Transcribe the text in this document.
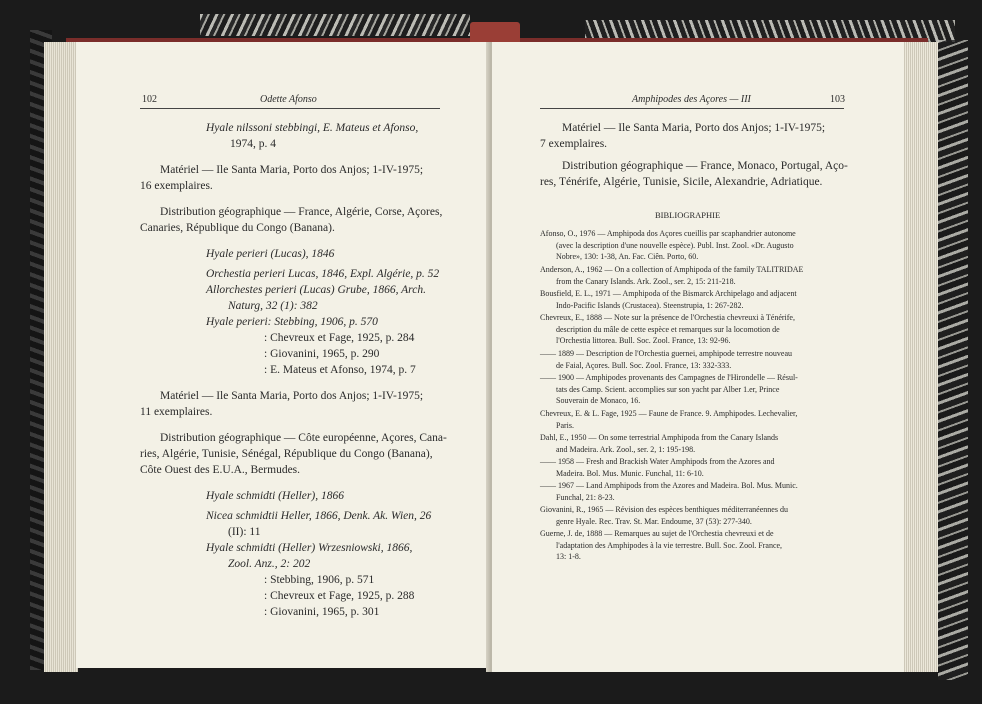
102	Odette Afonso
Hyale nilssoni stebbingi, E. Mateus et Afonso,
1974, p. 4
Matériel — Ile Santa Maria, Porto dos Anjos; 1-IV-1975;
16 exemplaires.
Distribution géographique — France, Algérie, Corse, Açores,
Canaries, République du Congo (Banana).
Hyale perieri (Lucas), 1846
Orchestia perieri Lucas, 1846, Expl. Algérie, p. 52
Allorchestes perieri (Lucas) Grube, 1866, Arch.
Naturg, 32 (1): 382
Hyale perieri: Stebbing, 1906, p. 570
: Chevreux et Fage, 1925, p. 284
: Giovanini, 1965, p. 290
: E. Mateus et Afonso, 1974, p. 7
Matériel — Ile Santa Maria, Porto dos Anjos; 1-IV-1975;
11 exemplaires.
Distribution géographique — Côte européenne, Açores, Cana-
ries, Algérie, Tunisie, Sénégal, République du Congo (Banana),
Côte Ouest des E.U.A., Bermudes.
Hyale schmidti (Heller), 1866
Nicea schmidtii Heller, 1866, Denk. Ak. Wien, 26
(II): 11
Hyale schmidti (Heller) Wrzesniowski, 1866,
Zool. Anz., 2: 202
: Stebbing, 1906, p. 571
: Chevreux et Fage, 1925, p. 288
: Giovanini, 1965, p. 301
Amphipodes des Açores — III	103
Matériel — Ile Santa Maria, Porto dos Anjos; 1-IV-1975;
7 exemplaires.
Distribution géographique — France, Monaco, Portugal, Aço-
res, Ténérife, Algérie, Tunisie, Sicile, Alexandrie, Adriatique.
BIBLIOGRAPHIE
Afonso, O., 1976 — Amphipoda dos Açores cueillis par scaphandrier autonome
(avec la description d'une nouvelle espèce). Publ. Inst. Zool. «Dr. Augusto
Nobre», 130: 1-38, An. Fac. Ciên. Porto, 60.
Anderson, A., 1962 — On a collection of Amphipoda of the family TALITRIDAE
from the Canary Islands. Ark. Zool., ser. 2, 15: 211-218.
Bousfield, E. L., 1971 — Amphipoda of the Bismarck Archipelago and adjacent
Indo-Pacific Islands (Crustacea). Steenstrupia, 1: 267-282.
Chevreux, E., 1888 — Note sur la présence de l'Orchestia chevreuxi à Ténérife,
description du mâle de cette espèce et remarques sur la locomotion de
l'Orchestia littorea. Bull. Soc. Zool. France, 13: 92-96.
—— 1889 — Description de l'Orchestia guernei, amphipode terrestre nouveau
de Faial, Açores. Bull. Soc. Zool. France, 13: 332-333.
—— 1900 — Amphipodes provenants des Campagnes de l'Hirondelle — Résul-
tats des Camp. Scient. accomplies sur son yacht par Alber 1.er, Prince
Souverain de Monaco, 16.
Chevreux, E. & L. Fage, 1925 — Faune de France. 9. Amphipodes. Lechevalier,
Paris.
Dahl, E., 1950 — On some terrestrial Amphipoda from the Canary Islands
and Madeira. Ark. Zool., ser. 2, 1: 195-198.
—— 1958 — Fresh and Brackish Water Amphipods from the Azores and
Madeira. Bol. Mus. Munic. Funchal, 11: 6-10.
—— 1967 — Land Amphipods from the Azores and Madeira. Bol. Mus. Munic.
Funchal, 21: 8-23.
Giovanini, R., 1965 — Révision des espèces benthiques méditerranéennes du
genre Hyale. Rec. Trav. St. Mar. Endoume, 37 (53): 277-340.
Guerne, J. de, 1888 — Remarques au sujet de l'Orchestia chevreuxi et de
l'adaptation des Amphipodes à la vie terrestre. Bull. Soc. Zool. France,
13: 1-8.
